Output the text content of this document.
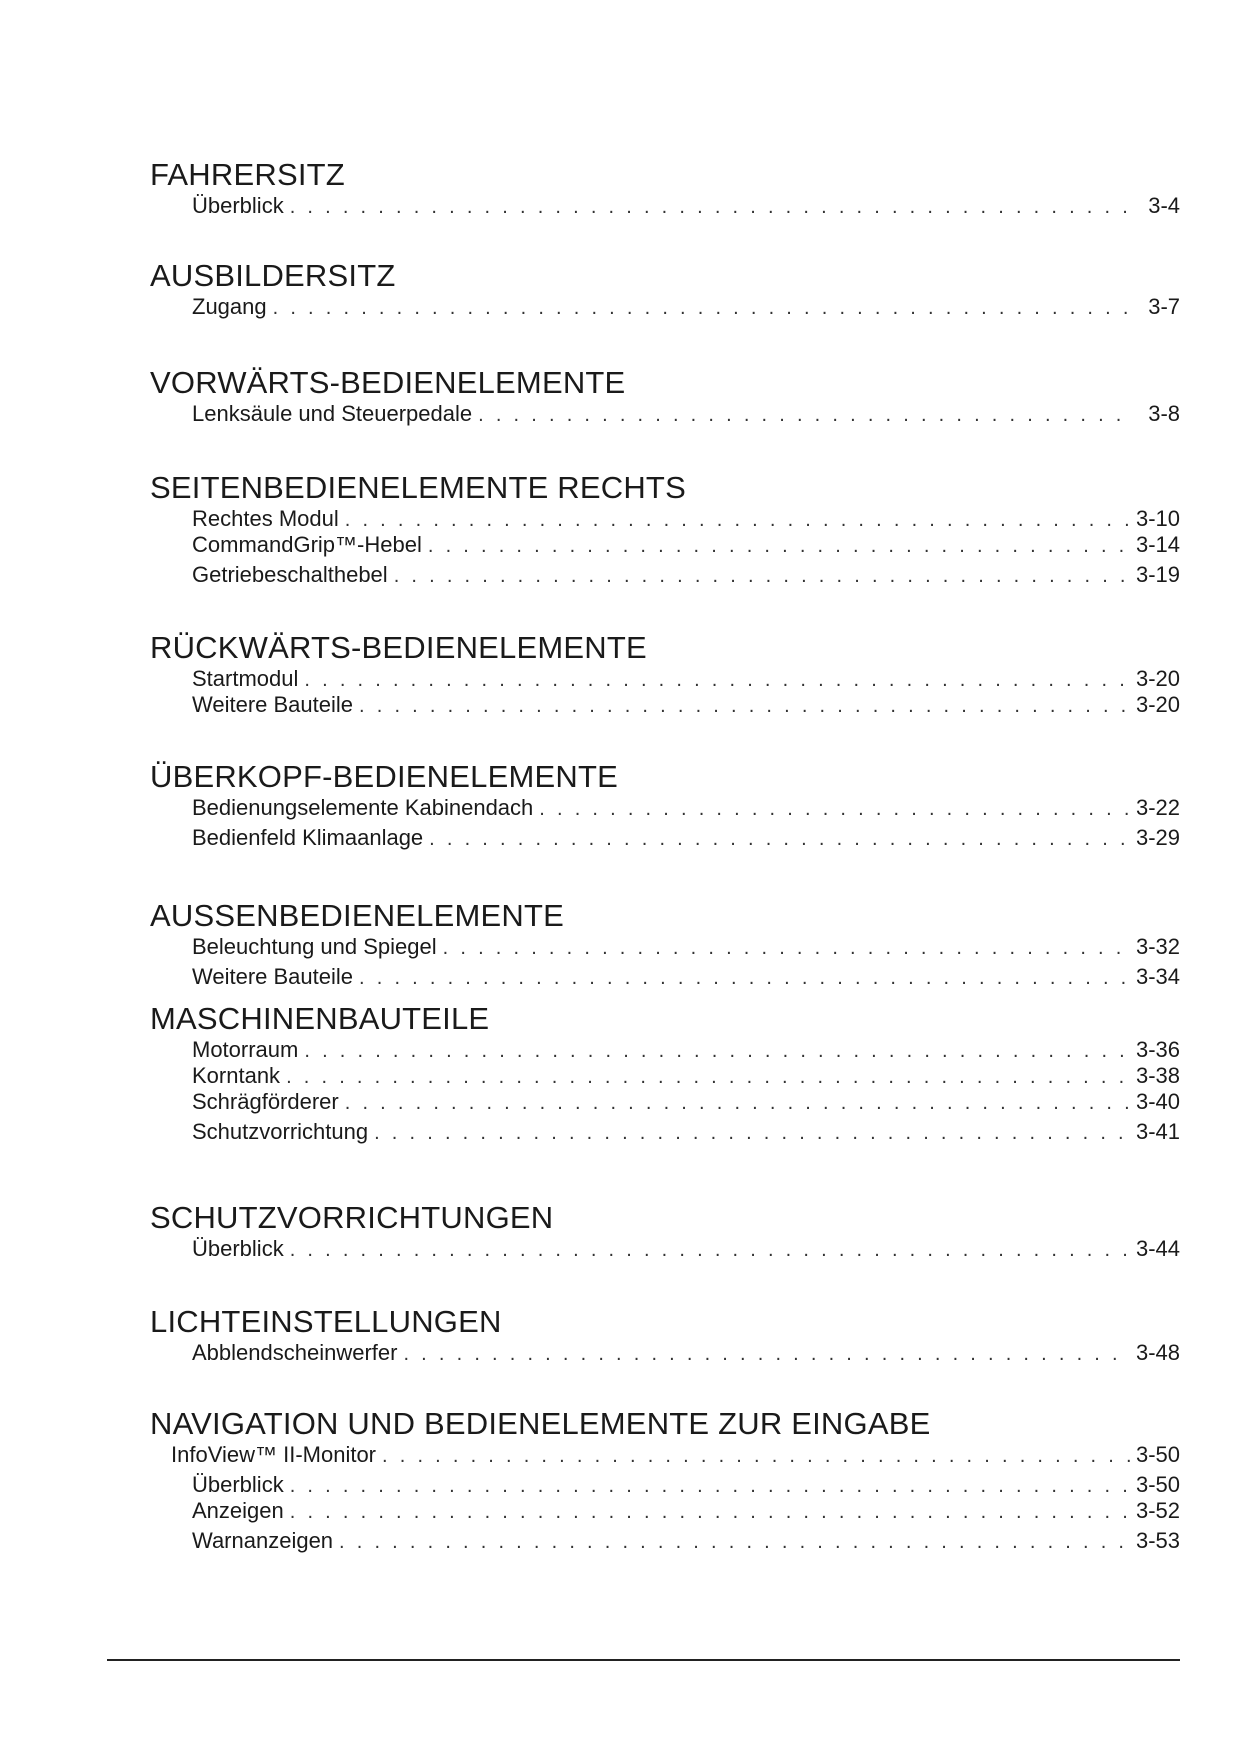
FAHRERSITZ
Überblick . . .	3-4
AUSBILDERSITZ
Zugang . . .	3-7
VORWÄRTS-BEDIENELEMENTE
Lenksäule und Steuerpedale . . .	3-8
SEITENBEDIENELEMENTE RECHTS
Rechtes Modul . . .	3-10
CommandGrip™-Hebel . . .	3-14
Getriebeschalthebel . . .	3-19
RÜCKWÄRTS-BEDIENELEMENTE
Startmodul . . .	3-20
Weitere Bauteile . . .	3-20
ÜBERKOPF-BEDIENELEMENTE
Bedienungselemente Kabinendach . . .	3-22
Bedienfeld Klimaanlage . . .	3-29
AUSSENBEDIENELEMENTE
Beleuchtung und Spiegel . . .	3-32
Weitere Bauteile . . .	3-34
MASCHINENBAUTEILE
Motorraum . . .	3-36
Korntank . . .	3-38
Schrägförderer . . .	3-40
Schutzvorrichtung . . .	3-41
SCHUTZVORRICHTUNGEN
Überblick . . .	3-44
LICHTEINSTELLUNGEN
Abblendscheinwerfer . . .	3-48
NAVIGATION UND BEDIENELEMENTE ZUR EINGABE
InfoView™ II-Monitor . . .	3-50
Überblick . . .	3-50
Anzeigen . . .	3-52
Warnanzeigen . . .	3-53
